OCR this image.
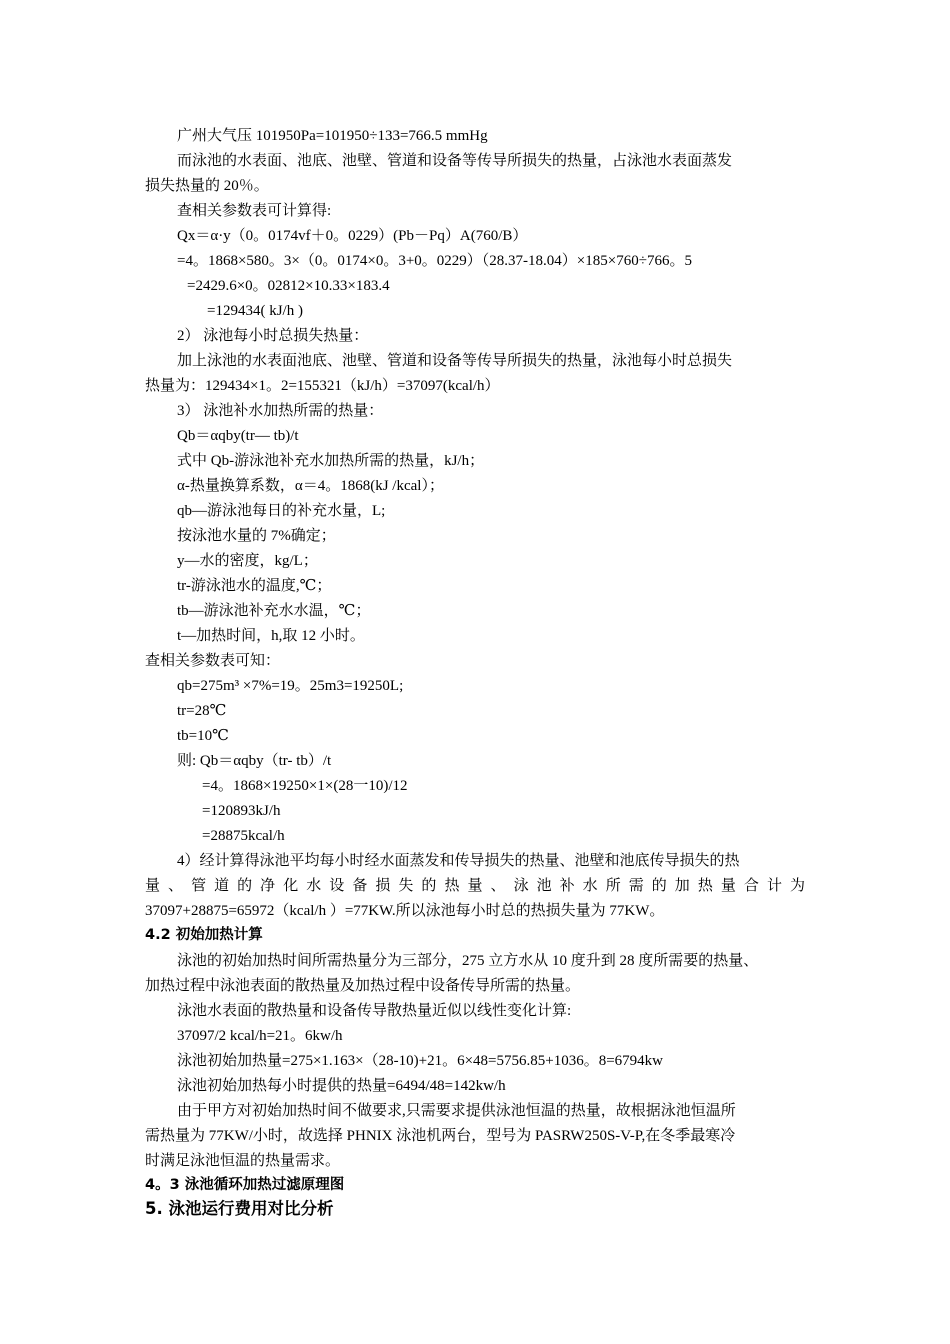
广州大气压 101950Pa=101950÷133=766.5 mmHg
而泳池的水表面、池底、池壁、管道和设备等传导所损失的热量，占泳池水表面蒸发
损失热量的 20％。
查相关参数表可计算得:
Qx＝α·y（0。0174vf＋0。0229）(Pb－Pq）A(760/B）
=4。1868×580。3×（0。0174×0。3+0。0229）（28.37-18.04）×185×760÷766。5
=2429.6×0。02812×10.33×183.4
=129434( kJ/h )
2） 泳池每小时总损失热量：
加上泳池的水表面池底、池壁、管道和设备等传导所损失的热量，泳池每小时总损失
热量为：129434×1。2=155321（kJ/h）=37097(kcal/h）
3） 泳池补水加热所需的热量：
Qb＝αqby(tr— tb)/t
式中 Qb-游泳池补充水加热所需的热量，kJ/h；
α-热量换算系数，α＝4。1868(kJ /kcal）；
qb—游泳池每日的补充水量，L;
按泳池水量的 7%确定；
y—水的密度，kg/L；
tr-游泳池水的温度,℃；
tb—游泳池补充水水温，℃；
t—加热时间，h,取 12 小时。
查相关参数表可知：
qb=275m³ ×7%=19。25m3=19250L;
tr=28℃
tb=10℃
则: Qb＝αqby（tr- tb）/t
=4。1868×19250×1×(28一10)/12
=120893kJ/h
=28875kcal/h
4）经计算得泳池平均每小时经水面蒸发和传导损失的热量、池壁和池底传导损失的热
量、管道的净化水设备损失的热量、泳池补水所需的加热量合计为
37097+28875=65972（kcal/h ）=77KW.所以泳池每小时总的热损失量为 77KW。
4.2 初始加热计算
泳池的初始加热时间所需热量分为三部分，275 立方水从 10 度升到 28 度所需要的热量、
加热过程中泳池表面的散热量及加热过程中设备传导所需的热量。
泳池水表面的散热量和设备传导散热量近似以线性变化计算:
37097/2 kcal/h=21。6kw/h
泳池初始加热量=275×1.163×（28-10)+21。6×48=5756.85+1036。8=6794kw
泳池初始加热每小时提供的热量=6494/48=142kw/h
由于甲方对初始加热时间不做要求,只需要求提供泳池恒温的热量，故根据泳池恒温所
需热量为 77KW/小时，故选择 PHNIX 泳池机两台，型号为 PASRW250S-V-P,在冬季最寒冷
时满足泳池恒温的热量需求。
4。3 泳池循环加热过滤原理图
5. 泳池运行费用对比分析
